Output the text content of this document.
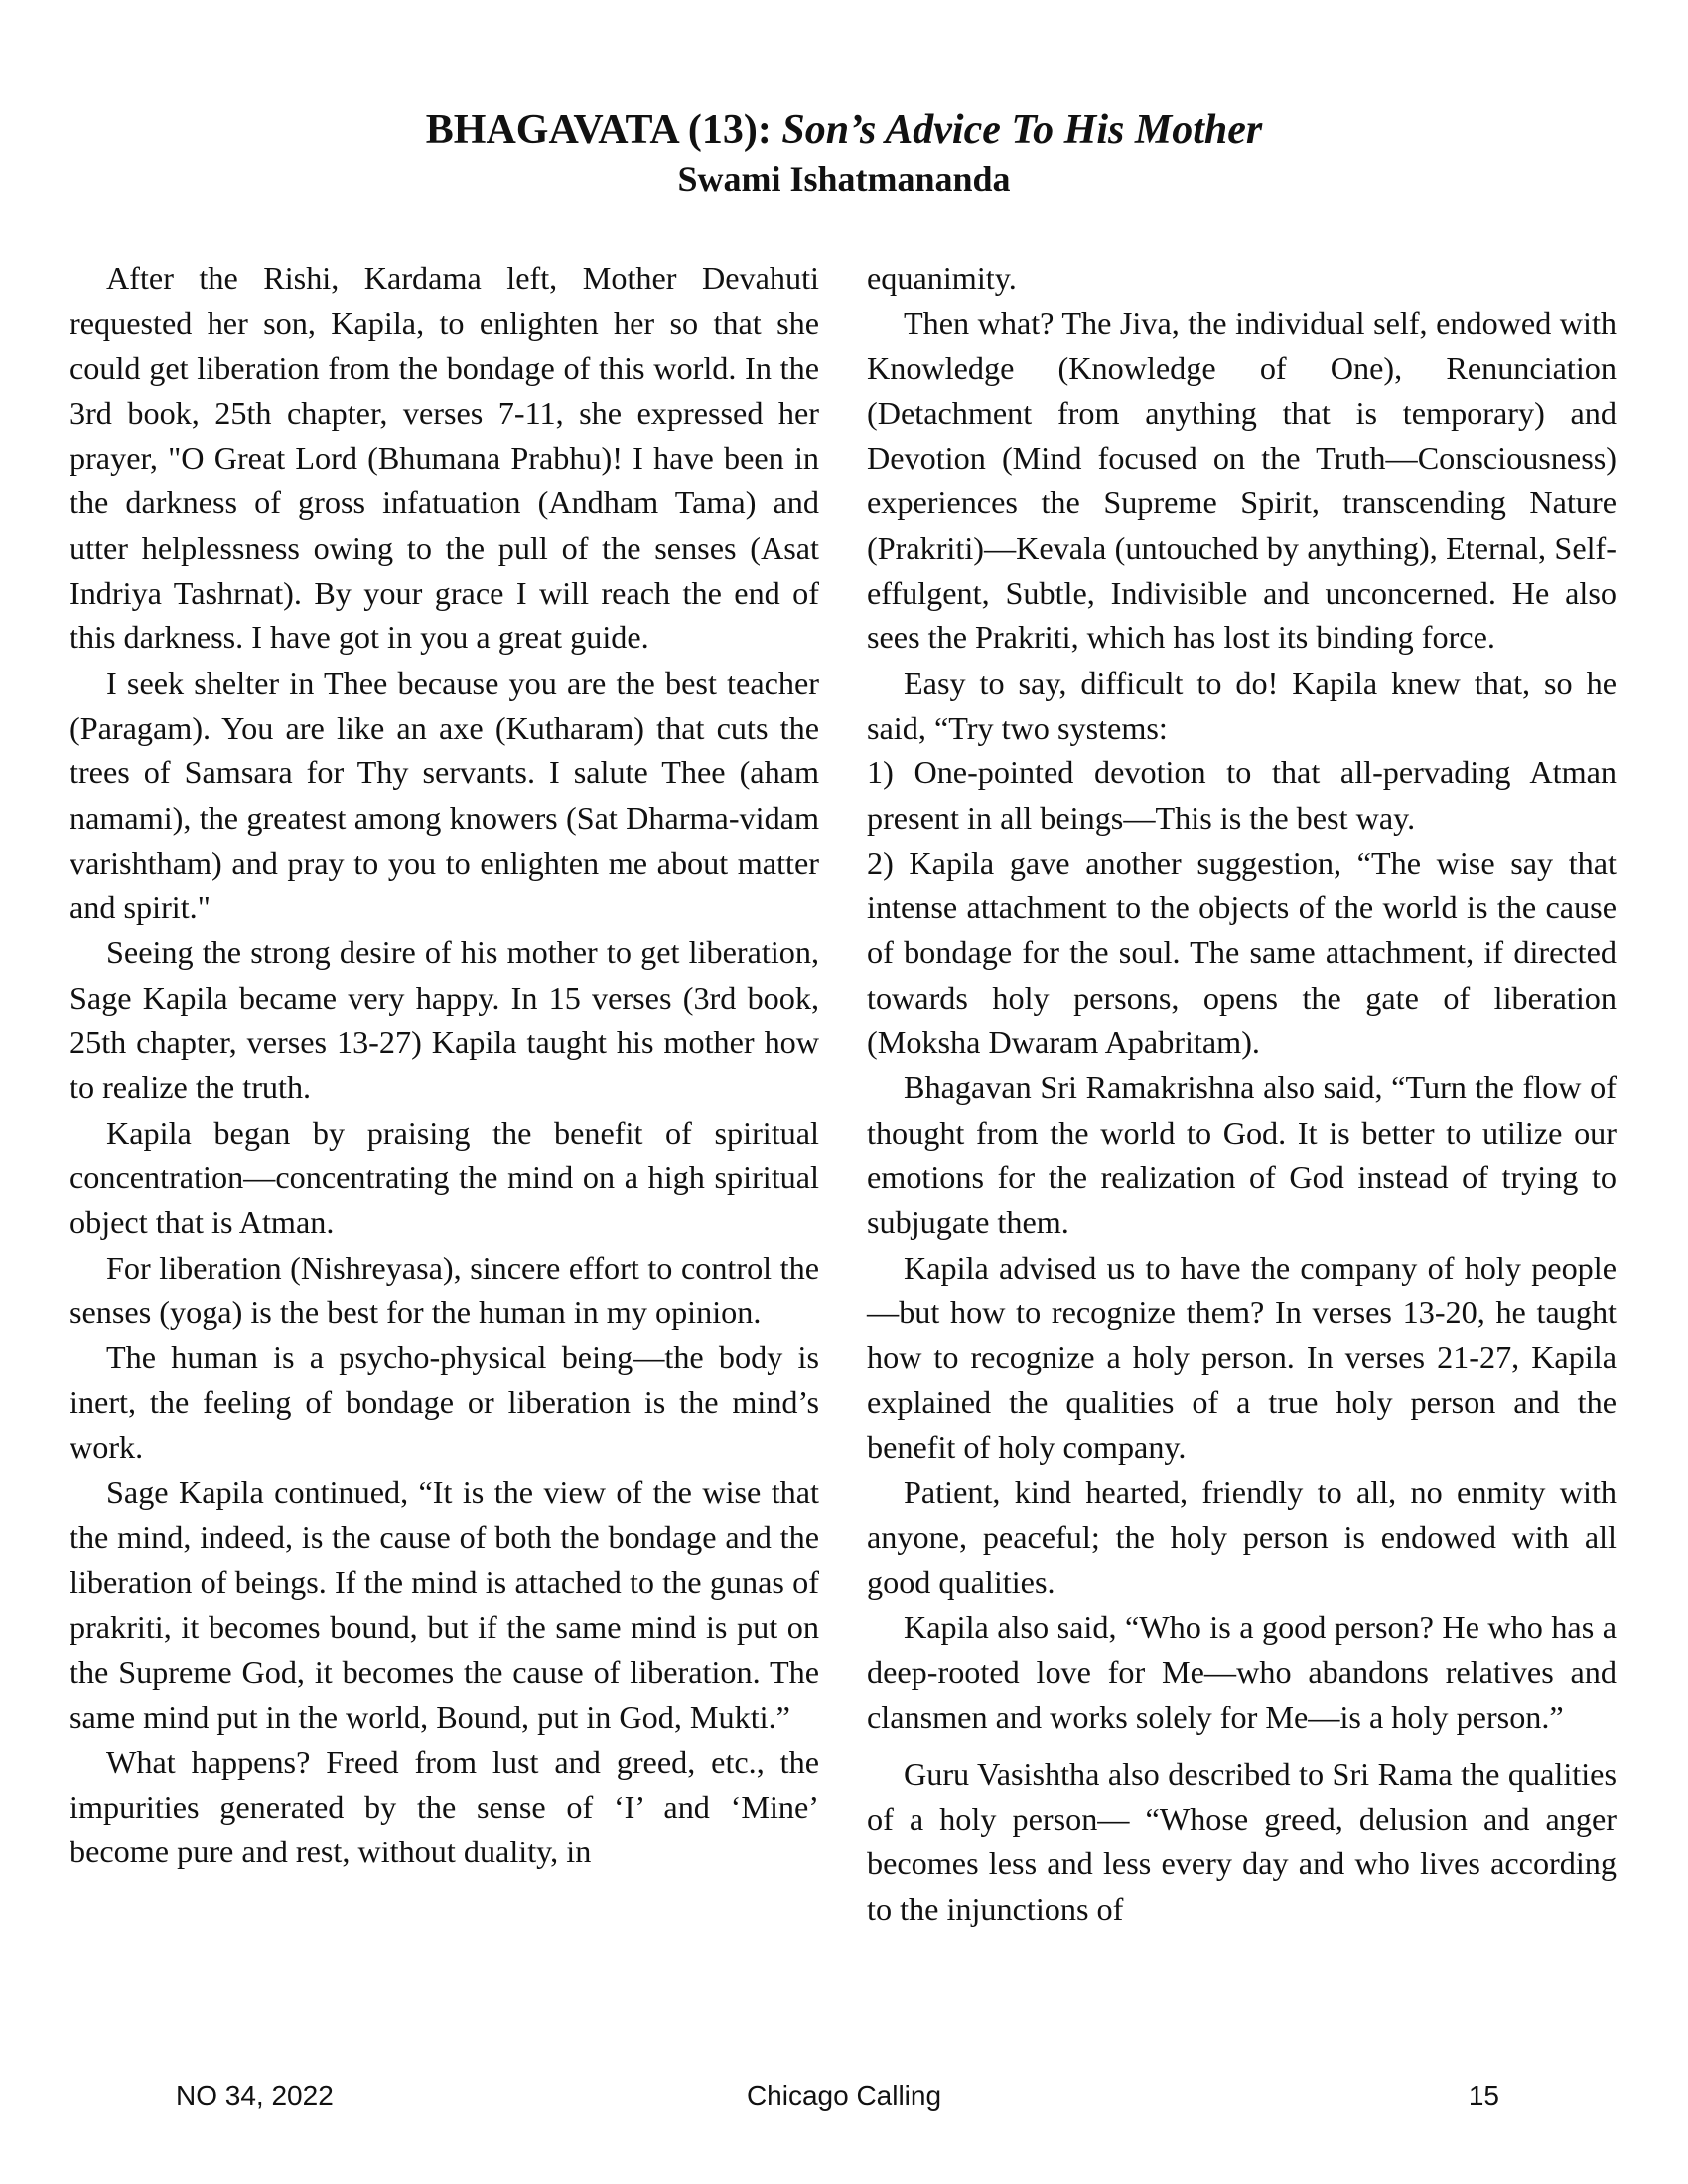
BHAGAVATA (13): Son’s Advice To His Mother

Swami Ishatmananda

After the Rishi, Kardama left, Mother Devahuti requested her son, Kapila, to enlighten her so that she could get liberation from the bondage of this world. In the 3rd book, 25th chapter, verses 7-11, she expressed her prayer, "O Great Lord (Bhumana Prabhu)! I have been in the darkness of gross infatuation (Andham Tama) and utter helplessness owing to the pull of the senses (Asat Indriya Tashrnat). By your grace I will reach the end of this darkness. I have got in you a great guide.

I seek shelter in Thee because you are the best teacher (Paragam). You are like an axe (Kutharam) that cuts the trees of Samsara for Thy servants. I salute Thee (aham namami), the greatest among knowers (Sat Dharma-vidam varishtham) and pray to you to enlighten me about matter and spirit."

Seeing the strong desire of his mother to get liberation, Sage Kapila became very happy. In 15 verses (3rd book, 25th chapter, verses 13-27) Kapila taught his mother how to realize the truth.

Kapila began by praising the benefit of spiritual concentration—concentrating the mind on a high spiritual object that is Atman.

For liberation (Nishreyasa), sincere effort to control the senses (yoga) is the best for the human in my opinion.

The human is a psycho-physical being—the body is inert, the feeling of bondage or liberation is the mind’s work.

Sage Kapila continued, “It is the view of the wise that the mind, indeed, is the cause of both the bondage and the liberation of beings. If the mind is attached to the gunas of prakriti, it becomes bound, but if the same mind is put on the Supreme God, it becomes the cause of liberation. The same mind put in the world, Bound, put in God, Mukti.”

What happens? Freed from lust and greed, etc., the impurities generated by the sense of ‘I’ and ‘Mine’ become pure and rest, without duality, in

equanimity.

Then what? The Jiva, the individual self, endowed with Knowledge (Knowledge of One), Renunciation (Detachment from anything that is temporary) and Devotion (Mind focused on the Truth—Consciousness) experiences the Supreme Spirit, transcending Nature (Prakriti)—Kevala (untouched by anything), Eternal, Self-effulgent, Subtle, Indivisible and unconcerned. He also sees the Prakriti, which has lost its binding force.

Easy to say, difficult to do! Kapila knew that, so he said, “Try two systems:

1) One-pointed devotion to that all-pervading Atman present in all beings—This is the best way.

2) Kapila gave another suggestion, “The wise say that intense attachment to the objects of the world is the cause of bondage for the soul. The same attachment, if directed towards holy persons, opens the gate of liberation (Moksha Dwaram Apabritam).

Bhagavan Sri Ramakrishna also said, “Turn the flow of thought from the world to God. It is better to utilize our emotions for the realization of God instead of trying to subjugate them.

Kapila advised us to have the company of holy people—but how to recognize them? In verses 13-20, he taught how to recognize a holy person. In verses 21-27, Kapila explained the qualities of a true holy person and the benefit of holy company.

Patient, kind hearted, friendly to all, no enmity with anyone, peaceful; the holy person is endowed with all good qualities.

Kapila also said, “Who is a good person? He who has a deep-rooted love for Me—who abandons relatives and clansmen and works solely for Me—is a holy person.”

Guru Vasishtha also described to Sri Rama the qualities of a holy person— “Whose greed, delusion and anger becomes less and less every day and who lives according to the injunctions of

Chicago Calling
NO 34, 2022	15
